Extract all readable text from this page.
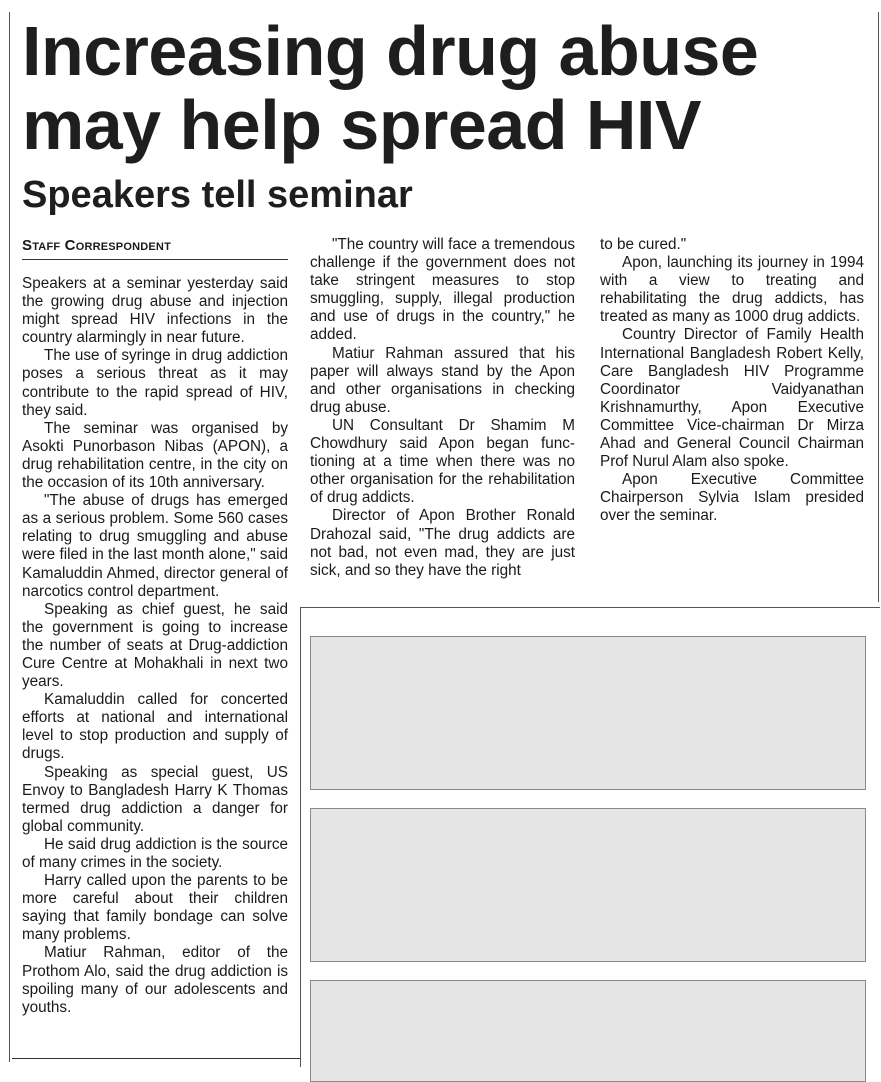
Increasing drug abuse may help spread HIV
Speakers tell seminar
Staff Correspondent

Speakers at a seminar yesterday said the growing drug abuse and injection might spread HIV infections in the country alarmingly in near future.

The use of syringe in drug addiction poses a serious threat as it may contribute to the rapid spread of HIV, they said.

The seminar was organised by Asokti Punorbason Nibas (APON), a drug rehabilitation centre, in the city on the occasion of its 10th anniversary.

"The abuse of drugs has emerged as a serious problem. Some 560 cases relating to drug smuggling and abuse were filed in the last month alone," said Kamaluddin Ahmed, director general of narcotics control department.

Speaking as chief guest, he said the government is going to increase the number of seats at Drug-addiction Cure Centre at Mohakhali in next two years.

Kamaluddin called for concerted efforts at national and international level to stop production and supply of drugs.

Speaking as special guest, US Envoy to Bangladesh Harry K Thomas termed drug addiction a danger for global community.

He said drug addiction is the source of many crimes in the society.

Harry called upon the parents to be more careful about their children saying that family bondage can solve many problems.

Matiur Rahman, editor of the Prothom Alo, said the drug addiction is spoiling many of our adolescents and youths.

"The country will face a tremendous challenge if the government does not take stringent measures to stop smuggling, supply, illegal production and use of drugs in the country," he added.

Matiur Rahman assured that his paper will always stand by the Apon and other organisations in checking drug abuse.

UN Consultant Dr Shamim M Chowdhury said Apon began functioning at a time when there was no other organisation for the rehabilitation of drug addicts.

Director of Apon Brother Ronald Drahozal said, "The drug addicts are not bad, not even mad, they are just sick, and so they have the right

to be cured."

Apon, launching its journey in 1994 with a view to treating and rehabilitating the drug addicts, has treated as many as 1000 drug addicts.

Country Director of Family Health International Bangladesh Robert Kelly, Care Bangladesh HIV Programme Coordinator Vaidyanathan Krishnamurthy, Apon Executive Committee Vice-chairman Dr Mirza Ahad and General Council Chairman Prof Nurul Alam also spoke.

Apon Executive Committee Chairperson Sylvia Islam presided over the seminar.
